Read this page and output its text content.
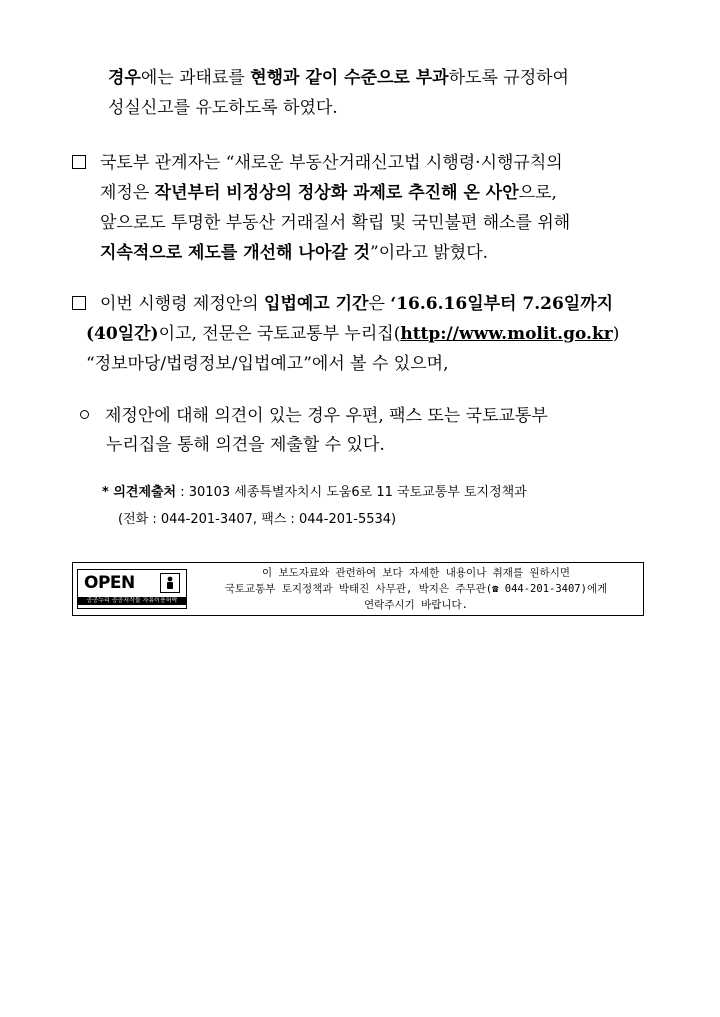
경우에는 과태료를 현행과 같이 수준으로 부과하도록 규정하여
성실신고를 유도하도록 하였다.
국토부 관계자는 “새로운 부동산거래신고법 시행령·시행규칙의
제정은 작년부터 비정상의 정상화 과제로 추진해 온 사안으로,
앞으로도 투명한 부동산 거래질서 확립 및 국민불편 해소를 위해
지속적으로 제도를 개선해 나아갈 것”이라고 밝혔다.
이번 시행령 제정안의 입법예고 기간은 ‘16.6.16일부터 7.26일까지
(40일간)이고, 전문은 국토교통부 누리집(http://www.molit.go.kr)
“정보마당/법령정보/입법예고”에서 볼 수 있으며,
제정안에 대해 의견이 있는 경우 우편, 팩스 또는 국토교통부
누리집을 통해 의견을 제출할 수 있다.
* 의견제출처 : 30103 세종특별자치시 도움6로 11 국토교통부 토지정책과
(전화 : 044-201-3407, 팩스 : 044-201-5534)
OPEN
공공누리 공공저작물 자유이용허락
이 보도자료와 관련하여 보다 자세한 내용이나 취재를 원하시면
국토교통부 토지정책과 박태진 사무관, 박지은 주무관(☎ 044-201-3407)에게
연락주시기 바랍니다.
